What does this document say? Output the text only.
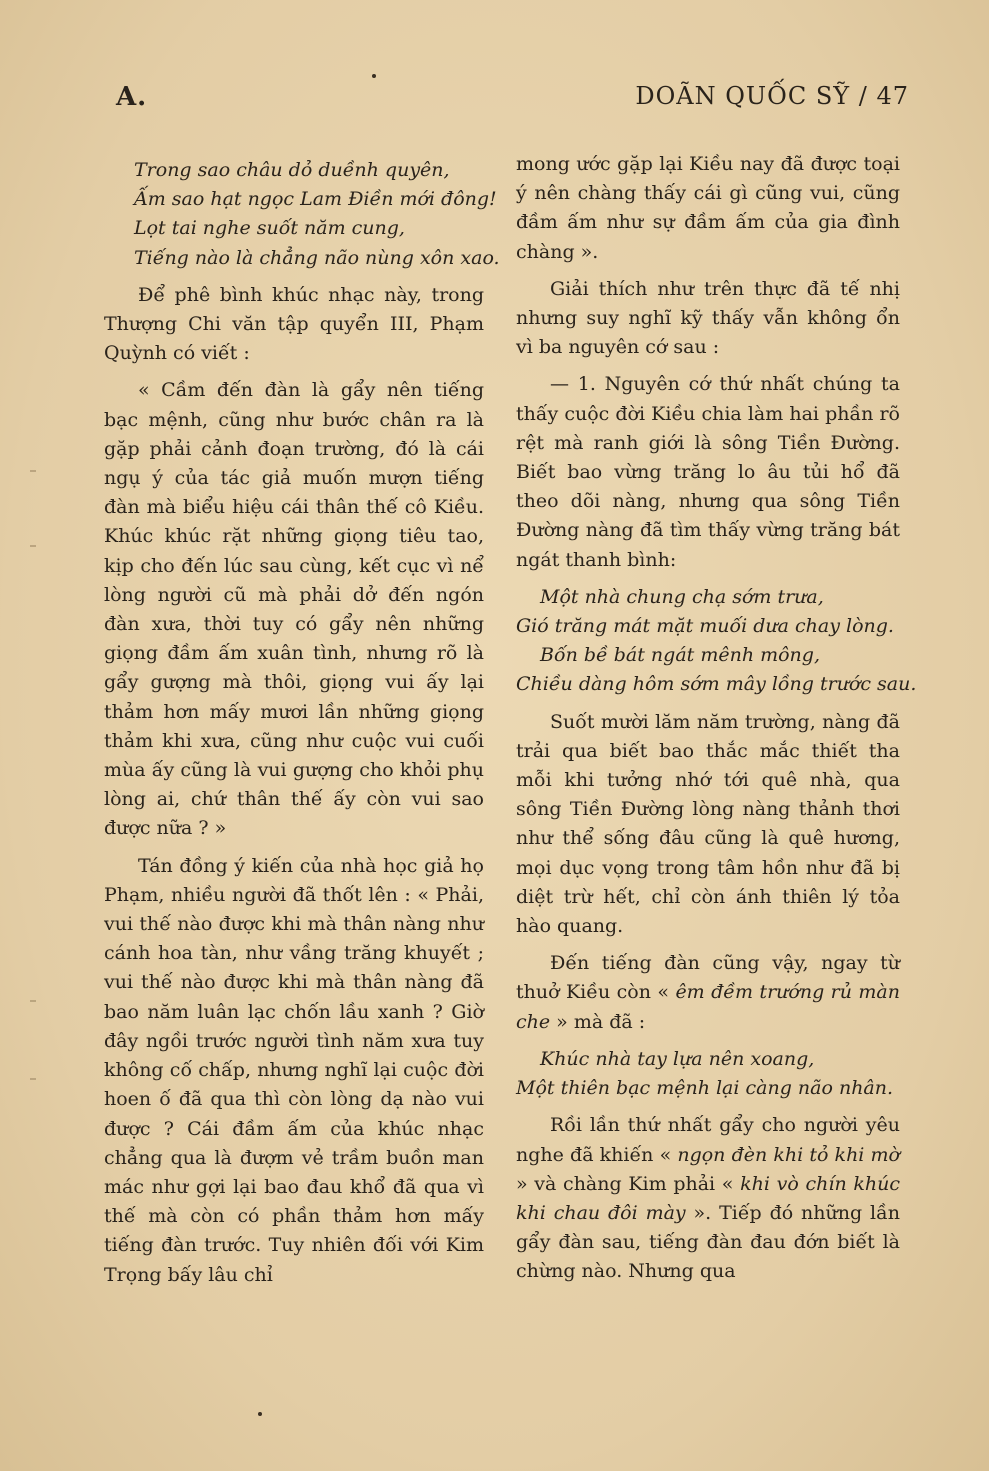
A.	DOÃN QUỐC SỸ / 47
Trong sao châu dỏ duềnh quyên,
Ấm sao hạt ngọc Lam Điền mới đông!
Lọt tai nghe suốt năm cung,
Tiếng nào là chẳng não nùng xôn xao.

Để phê bình khúc nhạc này, trong Thượng Chi văn tập quyển III, Phạm Quỳnh có viết :

« Cầm đến đàn là gẩy nên tiếng bạc mệnh, cũng như bước chân ra là gặp phải cảnh đoạn trường, đó là cái ngụ ý của tác giả muốn mượn tiếng đàn mà biểu hiệu cái thân thế cô Kiều. Khúc khúc rặt những giọng tiêu tao, kịp cho đến lúc sau cùng, kết cục vì nể lòng người cũ mà phải dở đến ngón đàn xưa, thời tuy có gẩy nên những giọng đầm ấm xuân tình, nhưng rõ là gẩy gượng mà thôi, giọng vui ấy lại thảm hơn mấy mươi lần những giọng thảm khi xưa, cũng như cuộc vui cuối mùa ấy cũng là vui gượng cho khỏi phụ lòng ai, chứ thân thế ấy còn vui sao được nữa ? »

Tán đồng ý kiến của nhà học giả họ Phạm, nhiều người đã thốt lên : « Phải, vui thế nào được khi mà thân nàng như cánh hoa tàn, như vầng trăng khuyết ; vui thế nào được khi mà thân nàng đã bao năm luân lạc chốn lầu xanh ? Giờ đây ngồi trước người tình năm xưa tuy không cố chấp, nhưng nghĩ lại cuộc đời hoen ố đã qua thì còn lòng dạ nào vui được ? Cái đầm ấm của khúc nhạc chẳng qua là đượm vẻ trầm buồn man mác như gợi lại bao đau khổ đã qua vì thế mà còn có phần thảm hơn mấy tiếng đàn trước. Tuy nhiên đối với Kim Trọng bấy lâu chỉ

mong ước gặp lại Kiều nay đã được toại ý nên chàng thấy cái gì cũng vui, cũng đầm ấm như sự đầm ấm của gia đình chàng ».

Giải thích như trên thực đã tế nhị nhưng suy nghĩ kỹ thấy vẫn không ổn vì ba nguyên cớ sau :

— 1. Nguyên cớ thứ nhất chúng ta thấy cuộc đời Kiều chia làm hai phần rõ rệt mà ranh giới là sông Tiền Đường. Biết bao vừng trăng lo âu tủi hổ đã theo dõi nàng, nhưng qua sông Tiền Đường nàng đã tìm thấy vừng trăng bát ngát thanh bình:

Một nhà chung chạ sớm trưa,
Gió trăng mát mặt muối dưa chay lòng.
Bốn bề bát ngát mênh mông,
Chiều dàng hôm sớm mây lồng trước sau.

Suốt mười lăm năm trường, nàng đã trải qua biết bao thắc mắc thiết tha mỗi khi tưởng nhớ tới quê nhà, qua sông Tiền Đường lòng nàng thảnh thơi như thể sống đâu cũng là quê hương, mọi dục vọng trong tâm hồn như đã bị diệt trừ hết, chỉ còn ánh thiên lý tỏa hào quang.

Đến tiếng đàn cũng vậy, ngay từ thuở Kiều còn « êm đềm trướng rủ màn che » mà đã :

Khúc nhà tay lựa nên xoang,
Một thiên bạc mệnh lại càng não nhân.

Rồi lần thứ nhất gẩy cho người yêu nghe đã khiến « ngọn đèn khi tỏ khi mờ » và chàng Kim phải « khi vò chín khúc khi chau đôi mày ». Tiếp đó những lần gẩy đàn sau, tiếng đàn đau đớn biết là chừng nào. Nhưng qua
